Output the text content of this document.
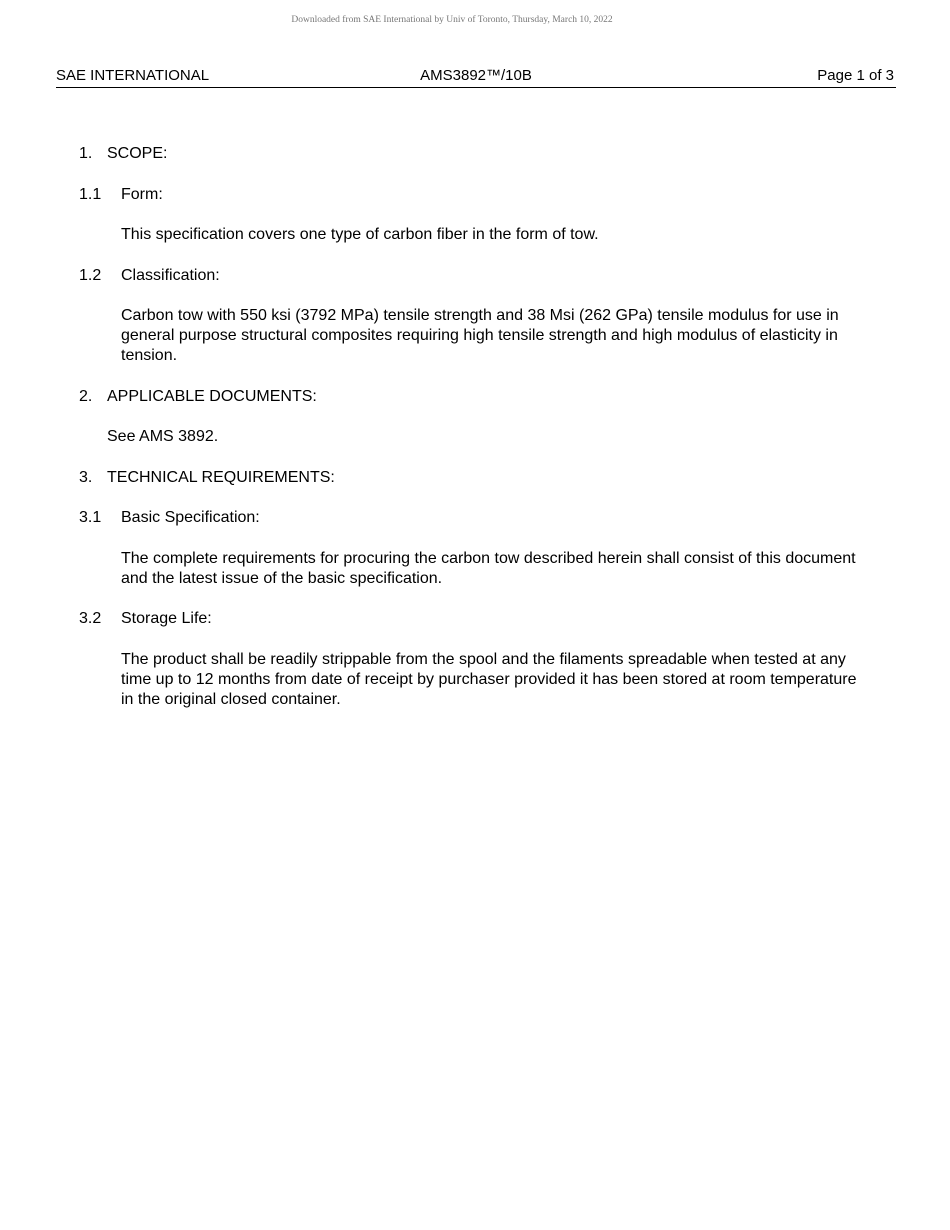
Downloaded from SAE International by Univ of Toronto, Thursday, March 10, 2022
SAE INTERNATIONAL	AMS3892™/10B	Page 1 of 3
1. SCOPE:
1.1 Form:

This specification covers one type of carbon fiber in the form of tow.

1.2 Classification:

Carbon tow with 550 ksi (3792 MPa) tensile strength and 38 Msi (262 GPa) tensile modulus for use in general purpose structural composites requiring high tensile strength and high modulus of elasticity in tension.

2. APPLICABLE DOCUMENTS:

See AMS 3892.

3. TECHNICAL REQUIREMENTS:
3.1 Basic Specification:

The complete requirements for procuring the carbon tow described herein shall consist of this document and the latest issue of the basic specification.

3.2 Storage Life:

The product shall be readily strippable from the spool and the filaments spreadable when tested at any time up to 12 months from date of receipt by purchaser provided it has been stored at room temperature in the original closed container.
